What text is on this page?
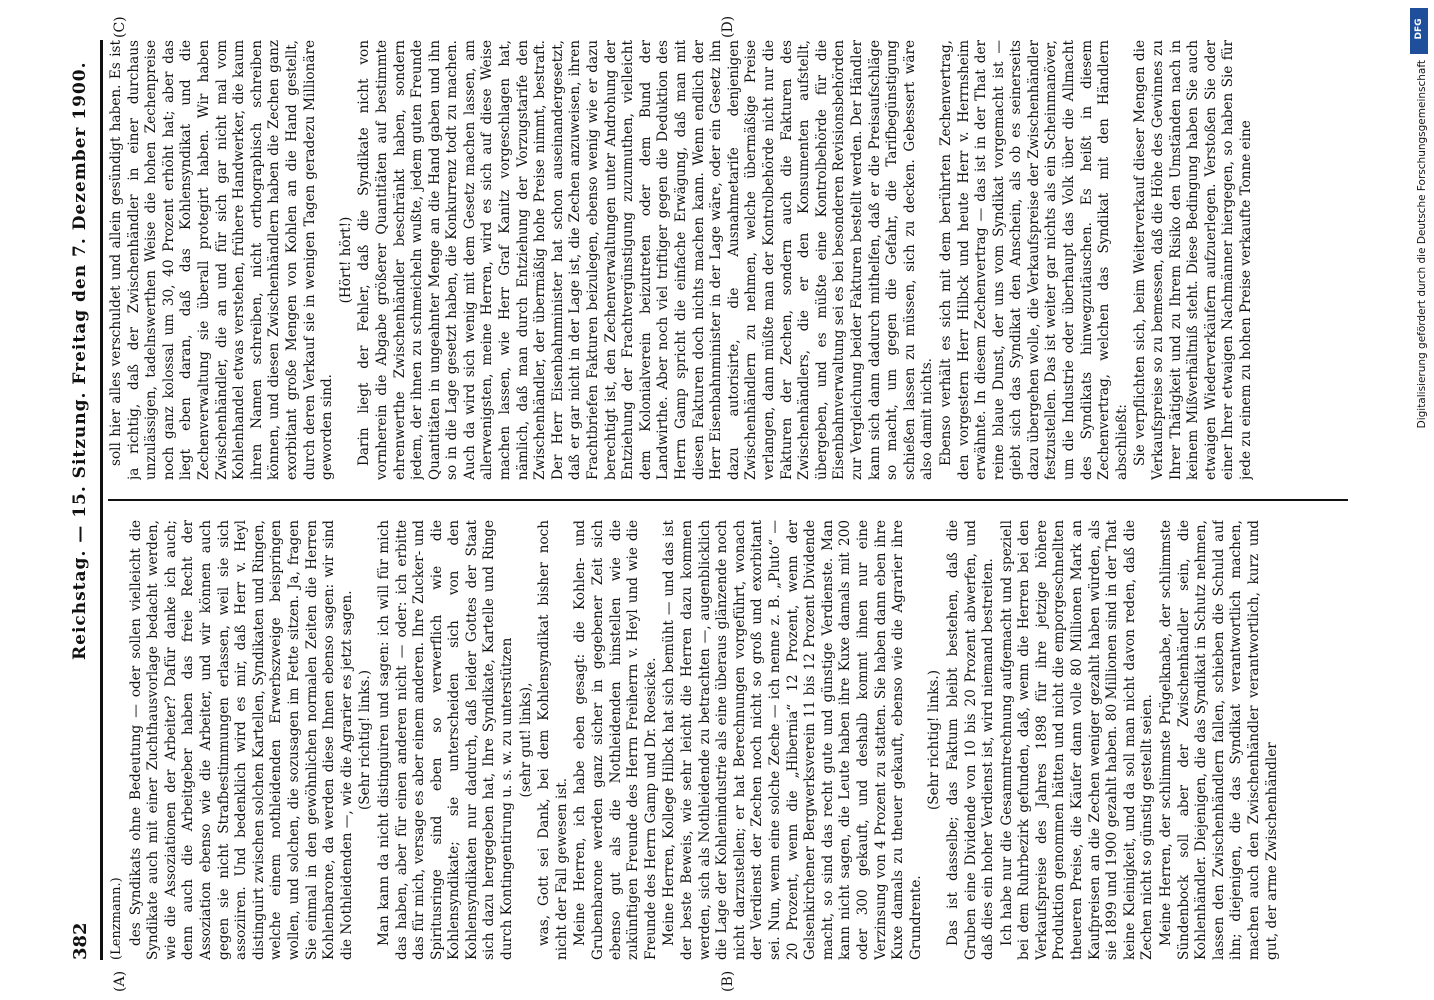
382
Reichstag. — 15. Sitzung. Freitag den 7. Dezember 1900.
(Lenzmann.) des Syndikats ohne Bedeutung — oder sollen vielleicht die Syndikate auch mit einer Zuchthausvorlage bedacht werden, wie die Assoziationen der Arbeiter? Dafür danke ich auch; denn auch die Arbeitgeber haben das freie Recht der Assoziation ebenso wie die Arbeiter, und wir können auch gegen sie nicht Strafbestimmungen erlassen, weil sie sich assoziiren. Und bedenklich wird es mir, daß Herr v. Heyl distinguirt zwischen solchen Kartellen, Syndikaten und Ringen, welche einem nothleidenden Erwerbszweige beispringen wollen, und solchen, die sozusagen im Fette sitzen. Ja, fragen Sie einmal in den gewöhnlichen normalen Zeiten die Herren Kohlenbarone, da werden diese Ihnen ebenso sagen: wir sind die Nothleidenden —, wie die Agrarier es jetzt sagen. (Sehr richtig! links.) Man kann da nicht distinguiren und sagen: ich will für mich das haben, aber für einen anderen nicht — oder: ich erbitte das für mich, versage es aber einem anderen. Ihre Zucker- und Spiritusringe sind eben so verwerflich wie die Kohlensyndikate; sie unterscheiden sich von den Kohlensyndikaten nur dadurch, daß leider Gottes der Staat sich dazu hergegeben hat, Ihre Syndikate, Kartelle und Ringe durch Kontingentirung u. s. w. zu unterstützen (sehr gut! links), was, Gott sei Dank, bei dem Kohlensyndikat bisher noch nicht der Fall gewesen ist. Meine Herren, ich habe eben gesagt: die Kohlen- und Grubenbarone werden ganz sicher in gegebener Zeit sich ebenso gut als die Nothleidenden hinstellen wie die zukünftigen Freunde des Herrn Freiherrn v. Heyl und wie die Freunde des Herrn Gamp und Dr. Roesicke. Meine Herren, Kollege Hilbck hat sich bemüht — und das ist der beste Beweis, wie sehr leicht die Herren dazu kommen werden, sich als Nothleidende zu betrachten —, augenblicklich die Lage der Kohlenindustrie als eine überaus glänzende noch nicht darzustellen; er hat Berechnungen vorgeführt, wonach der Verdienst der Zechen noch nicht so groß und exorbitant sei. Nun, wenn eine solche Zeche — ich nenne z. B. „Pluto“ — 20 Prozent, wenn die „Hibernia“ 12 Prozent, wenn der Gelsenkirchener Bergwerksverein 11 bis 12 Prozent Dividende macht, so sind das recht gute und günstige Verdienste. Man kann nicht sagen, die Leute haben ihre Kuxe damals mit 200 oder 300 gekauft, und deshalb kommt ihnen nur eine Verzinsung von 4 Prozent zu statten. Sie haben dann eben ihre Kuxe damals zu theuer gekauft, ebenso wie die Agrarier ihre Grundrente.

(Sehr richtig! links.) Das ist dasselbe; das Faktum bleibt bestehen, daß die Gruben eine Dividende von 10 bis 20 Prozent abwerfen, und daß dies ein hoher Verdienst ist, wird niemand bestreiten. Ich habe nur die Gesammtrechnung aufgemacht und speziell bei dem Ruhrbezirk gefunden, daß, wenn die Herren bei den Verkaufspreise des Jahres 1898 für ihre jetzige höhere Produktion genommen hätten und nicht die emporgeschnellten theueren Preise, die Käufer dann volle 80 Millionen Mark an Kaufpreisen an die Zechen weniger gezahlt haben würden, als sie 1899 und 1900 gezahlt haben. 80 Millionen sind in der That keine Kleinigkeit, und da soll man nicht davon reden, daß die Zechen nicht so günstig gestellt seien. Meine Herren, der schlimmste Prügelknabe, der schlimmste Sündenbock soll aber der Zwischenhändler sein, die Kohlenhändler. Diejenigen, die das Syndikat in Schutz nehmen, lassen den Zwischenhändlern fallen, schieben die Schuld auf ihn; diejenigen, die das Syndikat verantwortlich machen, machen auch den Zwischenhändler verantwortlich, kurz und gut, der arme Zwischenhändler

soll hier alles verschuldet und allein gesündigt haben. Es ist ja richtig, daß der Zwischenhändler in einer durchaus unzulässigen, tadelnswerthen Weise die hohen Zechenpreise noch ganz kolossal um 30, 40 Prozent erhöht hat; aber das liegt eben daran, daß das Kohlensyndikat und die Zechenverwaltung sie überall protegirt haben. Wir haben Zwischenhändler, die an und für sich gar nicht mal vom Kohlenhandel etwas verstehen, frühere Handwerker, die kaum ihren Namen schreiben, nicht orthographisch schreiben können, und diesen Zwischenhändlern haben die Zechen ganz exorbitant große Mengen von Kohlen an die Hand gestellt, durch deren Verkauf sie in wenigen Tagen geradezu Millionäre geworden sind.

(Hört! hört!) Darin liegt der Fehler, daß die Syndikate nicht von vornherein die Abgabe größerer Quantitäten auf bestimmte ehrenwerthe Zwischenhändler beschränkt haben, sondern jedem, der ihnen zu schmeicheln wußte, jedem guten Freunde Quantitäten in ungeahnter Menge an die Hand gaben und ihn so in die Lage gesetzt haben, die Konkurrenz todt zu machen. Auch da wird sich wenig mit dem Gesetz machen lassen, am allerwenigsten, meine Herren, wird es sich auf diese Weise machen lassen, wie Herr Graf Kanitz vorgeschlagen hat, nämlich, daß man durch Entziehung der Vorzugstarife den Zwischenhändler, der übermäßig hohe Preise nimmt, bestraft. Der Herr Eisenbahnminister hat schon auseinandergesetzt, daß er gar nicht in der Lage ist, die Zechen anzuweisen, ihren Frachtbriefen Fakturen beizulegen, ebenso wenig wie er dazu berechtigt ist, den Zechenverwaltungen unter Androhung der Entziehung der Frachtvergünstigung zuzumuthen, vielleicht dem Kolonialverein beizutreten oder dem Bund der Landwirthe. Aber noch viel triftiger gegen die Deduktion des Herrn Gamp spricht die einfache Erwägung, daß man mit diesen Fakturen doch nichts machen kann. Wenn endlich der Herr Eisenbahnminister in der Lage wäre, oder ein Gesetz ihn dazu autorisirte, die Ausnahmetarife denjenigen Zwischenhändlern zu nehmen, welche übermäßige Preise verlangen, dann müßte man der Kontrolbehörde nicht nur die Fakturen der Zechen, sondern auch die Fakturen des Zwischenhändlers, die er den Konsumenten aufstellt, übergeben, und es müßte eine Kontrolbehörde für die Eisenbahnverwaltung sei es bei besonderen Revisionsbehörden zur Vergleichung beider Fakturen bestellt werden. Der Händler kann sich dann dadurch mithelfen, daß er die Preisaufschläge so macht, um gegen die Gefahr, die Tarifbegünstigung schießen lassen zu müssen, sich zu decken. Gebessert wäre also damit nichts. Ebenso verhält es sich mit dem berührten Zechenvertrag, den vorgestern Herr Hilbck und heute Herr v. Herrnsheim erwähnte. In diesem Zechenvertrag — das ist in der That der reine blaue Dunst, der uns vom Syndikat vorgemacht ist — giebt sich das Syndikat den Anschein, als ob es seinerseits dazu übergehen wolle, die Verkaufspreise der Zwischenhändler festzustellen. Das ist weiter gar nichts als ein Scheinmanöver, um die Industrie oder überhaupt das Volk über die Allmacht des Syndikats hinwegzutäuschen. Es heißt in diesem Zechenvertrag, welchen das Syndikat mit den Händlern abschließt: Sie verpflichten sich, beim Weiterverkauf dieser Mengen die Verkaufspreise so zu bemessen, daß die Höhe des Gewinnes zu Ihrer Thätigkeit und zu Ihrem Risiko den Umständen nach in keinem Mißverhältniß steht. Diese Bedingung haben Sie auch etwaigen Wiederverkäufern aufzuerlegen. Verstoßen Sie oder einer Ihrer etwaigen Nachmänner hiergegen, so haben Sie für jede zu einem zu hohen Preise verkaufte Tonne eine

(A)	(B)
(C)	(D)
Digitalisierung gefördert durch die Deutsche Forschungsgemeinschaft
DFG
